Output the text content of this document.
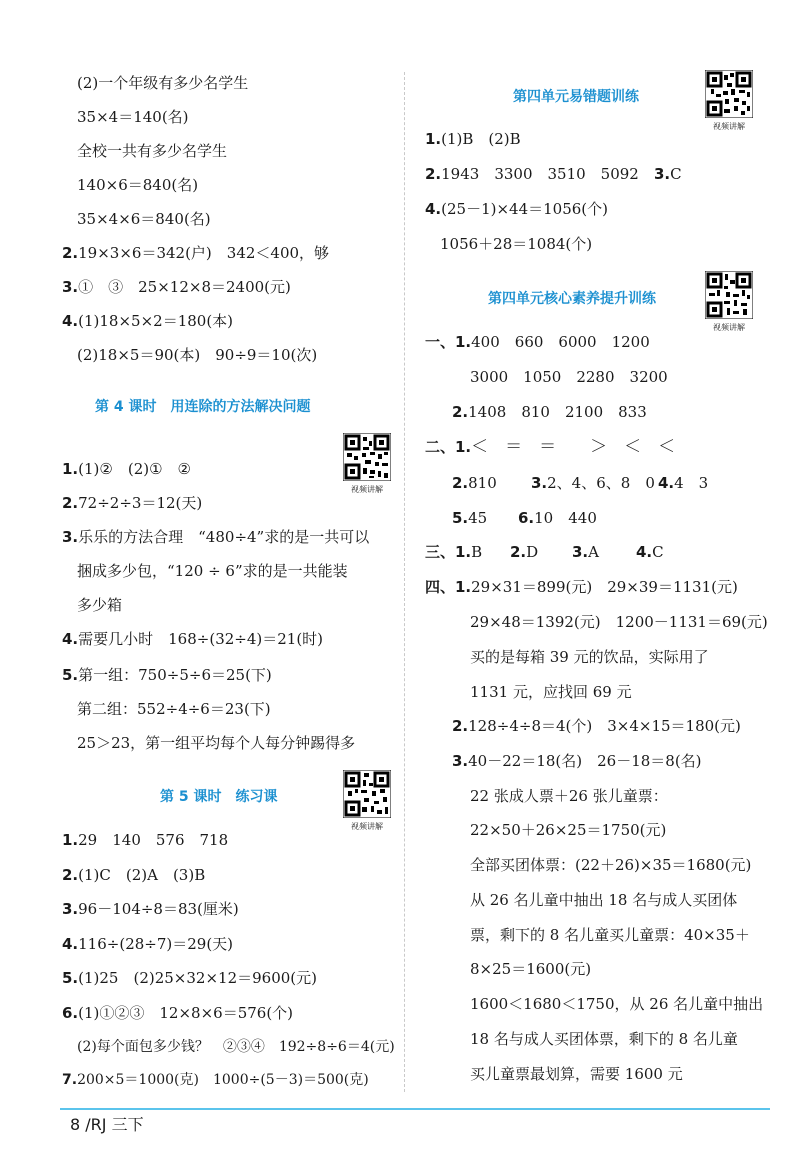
(2)一个年级有多少名学生
35×4＝140(名)
全校一共有多少名学生
140×6＝840(名)
35×4×6＝840(名)
2.19×3×6＝342(户)　342＜400，够
3.①　③　25×12×8＝2400(元)
4.(1)18×5×2＝180(本)
(2)18×5＝90(本)　90÷9＝10(次)
第 4 课时　用连除的方法解决问题
视频讲解
1.(1)②　(2)①　②
2.72÷2÷3＝12(天)
3.乐乐的方法合理　“480÷4”求的是一共可以
捆成多少包，“120 ÷ 6”求的是一共能装
多少箱
4.需要几小时　168÷(32÷4)＝21(时)
5.第一组：750÷5÷6＝25(下)
第二组：552÷4÷6＝23(下)
25＞23，第一组平均每个人每分钟踢得多
第 5 课时　练习课
视频讲解
1.29　140　576　718
2.(1)C　(2)A　(3)B
3.96－104÷8＝83(厘米)
4.116÷(28÷7)＝29(天)
5.(1)25　(2)25×32×12＝9600(元)
6.(1)①②③　12×8×6＝576(个)
(2)每个面包多少钱？　②③④　192÷8÷6＝4(元)
7.200×5＝1000(克)　1000÷(5－3)＝500(克)
第四单元易错题训练
视频讲解
1.(1)B　(2)B
2.1943　3300　3510　5092 3.C
4.(25－1)×44＝1056(个)
1056＋28＝1084(个)
第四单元核心素养提升训练
视频讲解
一、1.400　660　6000　1200
3000　1050　2280　3200
2.1408　810　2100　833
二、1.＜　＝　＝　　＞　＜　＜
2.810 3.2、4、6、8　0 4.4　3
5.45 6.10　440
三、1.B 2.D 3.A 4.C
四、1.29×31＝899(元)　29×39＝1131(元)
29×48＝1392(元)　1200－1131＝69(元)
买的是每箱 39 元的饮品，实际用了
1131 元，应找回 69 元
2.128÷4÷8＝4(个)　3×4×15＝180(元)
3.40－22＝18(名)　26－18＝8(名)
22 张成人票＋26 张儿童票：
22×50＋26×25＝1750(元)
全部买团体票：(22＋26)×35＝1680(元)
从 26 名儿童中抽出 18 名与成人买团体
票，剩下的 8 名儿童买儿童票：40×35＋
8×25＝1600(元)
1600＜1680＜1750，从 26 名儿童中抽出
18 名与成人买团体票，剩下的 8 名儿童
买儿童票最划算，需要 1600 元
8 /RJ 三下
